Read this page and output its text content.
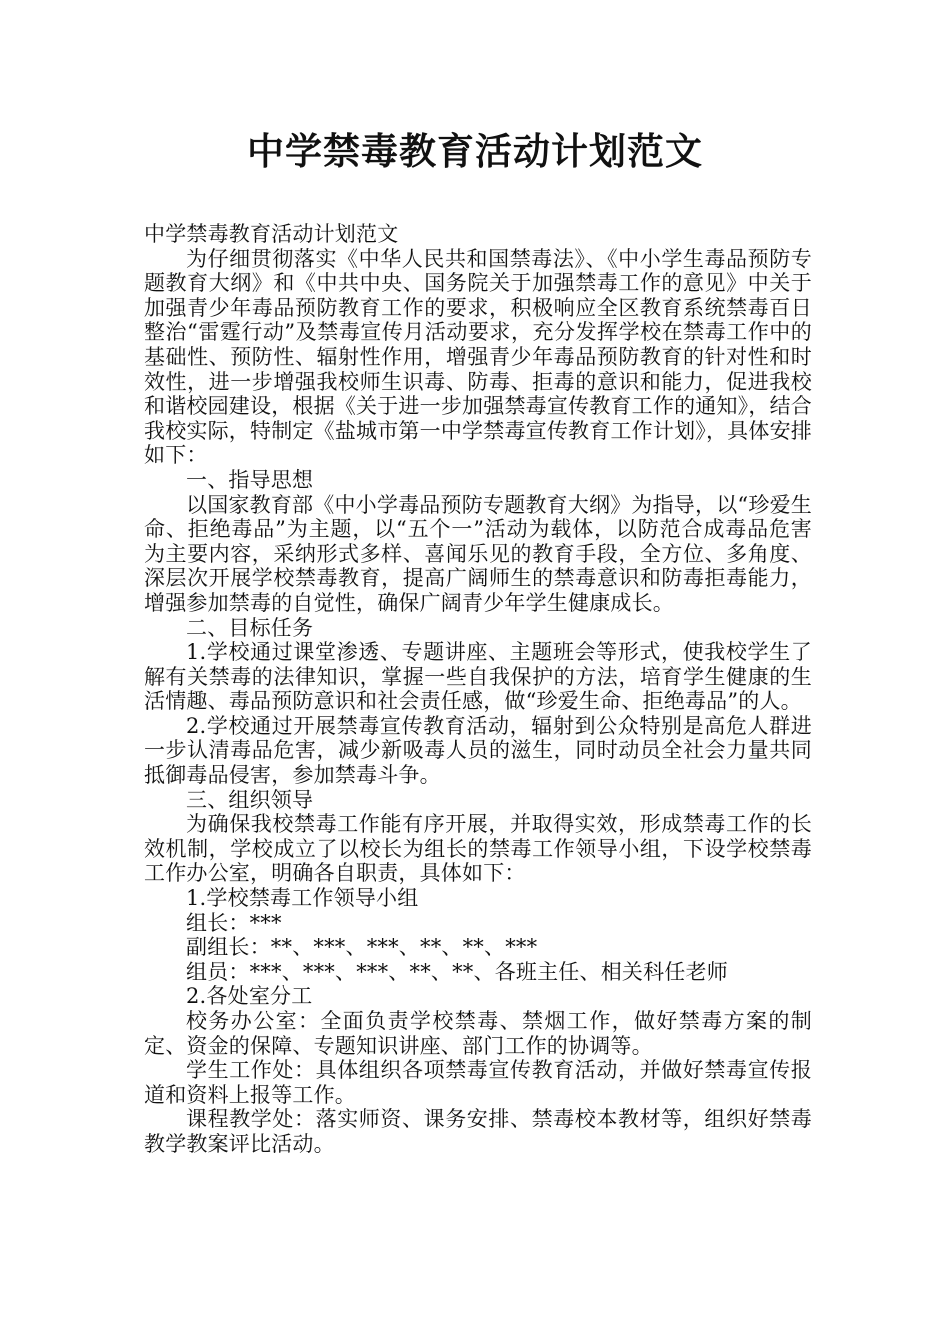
中学禁毒教育活动计划范文

中学禁毒教育活动计划范文

为仔细贯彻落实《中华人民共和国禁毒法》、《中小学生毒品预防专题教育大纲》和《中共中央、国务院关于加强禁毒工作的意见》中关于加强青少年毒品预防教育工作的要求，积极响应全区教育系统禁毒百日整治“雷霆行动”及禁毒宣传月活动要求，充分发挥学校在禁毒工作中的基础性、预防性、辐射性作用，增强青少年毒品预防教育的针对性和时效性，进一步增强我校师生识毒、防毒、拒毒的意识和能力，促进我校和谐校园建设，根据《关于进一步加强禁毒宣传教育工作的通知》，结合我校实际，特制定《盐城市第一中学禁毒宣传教育工作计划》，具体安排如下：

一、指导思想

以国家教育部《中小学毒品预防专题教育大纲》为指导，以“珍爱生命、拒绝毒品”为主题，以“五个一”活动为载体，以防范合成毒品危害为主要内容，采纳形式多样、喜闻乐见的教育手段，全方位、多角度、深层次开展学校禁毒教育，提高广阔师生的禁毒意识和防毒拒毒能力，增强参加禁毒的自觉性，确保广阔青少年学生健康成长。

二、目标任务

1.学校通过课堂渗透、专题讲座、主题班会等形式，使我校学生了解有关禁毒的法律知识，掌握一些自我保护的方法，培育学生健康的生活情趣、毒品预防意识和社会责任感，做“珍爱生命、拒绝毒品”的人。

2.学校通过开展禁毒宣传教育活动，辐射到公众特别是高危人群进一步认清毒品危害，减少新吸毒人员的滋生，同时动员全社会力量共同抵御毒品侵害，参加禁毒斗争。

三、组织领导

为确保我校禁毒工作能有序开展，并取得实效，形成禁毒工作的长效机制，学校成立了以校长为组长的禁毒工作领导小组，下设学校禁毒工作办公室，明确各自职责，具体如下：

1.学校禁毒工作领导小组

组长：***

副组长：**、***、***、**、**、***

组员：***、***、***、**、**、各班主任、相关科任老师

2.各处室分工

校务办公室：全面负责学校禁毒、禁烟工作，做好禁毒方案的制定、资金的保障、专题知识讲座、部门工作的协调等。

学生工作处：具体组织各项禁毒宣传教育活动，并做好禁毒宣传报道和资料上报等工作。

课程教学处：落实师资、课务安排、禁毒校本教材等，组织好禁毒教学教案评比活动。
